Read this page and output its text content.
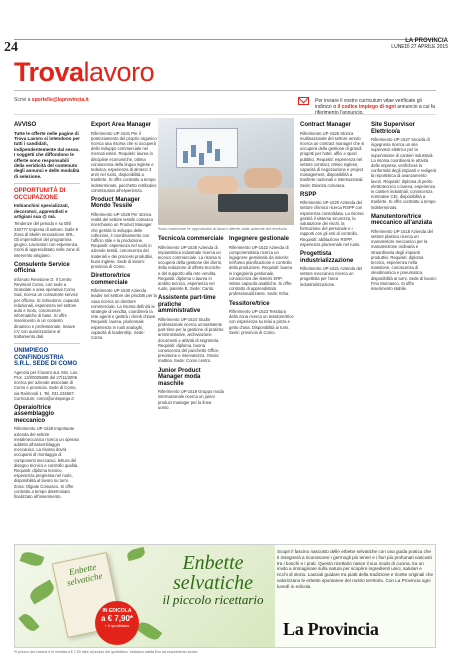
24	LA PROVINCIA
LUNEDÌ 27 APRILE 2015
Trovalavoro
Scrivi a sportello@laprovincia.it	Per inviare il vostro curriculum vitae verificate gli indirizzi o il codice impiego di ogni annuncio a cui fa riferimento l'annuncio.
AVVISO
Tutte le offerte nelle pagine di Trova Lavoro si intendono per tutti i candidati, indipendentemente dal sesso. I soggetti che diffondono le offerte sono responsabili della veridicità del contenuto degli annunci e delle modalità di selezione.
OPPORTUNITÀ DI OCCUPAZIONE
Imbianchini specializzati, decoratori, apprendisti e artigiani sua @ mà.
Tendenze del periodo e su Bhil 340777 Impresa di settore. Dalle 9 Zona di Skelin Innovazione SRL. Gli imprenditori del programma giugno. Lavoratori con esperienza. Corsi di apprendistato nelle zone di intervento artigiano.
Consulente Service officina
InfoAuto Revisione D. Il Centro Revisioni Como, con sede a Grandate e area operativa Como Sud, ricerca un consulente service per officina. Si richiedono: capacità relazionali, esperienza nel settore auto e moto, conoscenze informatiche di base. Si offre inserimento in un contesto dinamico e professionale. Inviare CV con autorizzazione al trattamento dati.
UNIMPIEGO CONFINDUSTRIA S.R.L. SEDE DI COMO
Agenzia per il lavoro aut. Min. Lav. Prot. 13/I/0025608 del 27/11/2006 ricerca per aziende associate di Como e provincia. Sede di Como, via Raimondi 1. Tel. 031.234567. Curriculum: como@unimpiego.it
Operaio/trice assemblaggio meccanico
Riferimento UP-1529 Importante azienda del settore metalmeccanico ricerca un operaio addetto all'assemblaggio meccanico. La risorsa dovrà occuparsi di montaggio di componenti meccanici, lettura del disegno tecnico e controllo qualità. Requisiti: diploma tecnico, esperienza pregressa nel ruolo, disponibilità al lavoro su turni. Zona: Olgiate Comasco. Si offre contratto a tempo determinato finalizzato all'inserimento.
Export Area Manager
Riferimento UP-1531 Per il potenziamento del proprio organico ricerca una risorsa che si occuperà dello sviluppo commerciale nei mercati esteri. Requisiti: laurea in discipline economiche, ottima conoscenza della lingua inglese e tedesca, esperienza di almeno 3 anni nel ruolo, disponibilità a trasferte. Si offre contratto a tempo indeterminato, pacchetto retributivo commisurato all'esperienza.
Product Manager Mondo Tessile
Riferimento UP-1528 Per storica realtà del settore tessile comasco ricerchiamo un Product Manager che gestirà lo sviluppo delle collezioni, il coordinamento con l'ufficio stile e la produzione. Requisiti: esperienza nel ruolo in aziende tessili, conoscenza dei materiali e dei processi produttivi, buon inglese. Sede di lavoro: provincia di Como.
Direttore/trice commerciale
Riferimento UP-1530 Azienda leader nel settore dei prodotti per la casa ricerca un direttore commerciale. La risorsa definirà le strategie di vendita, coordinerà la rete agenti e gestirà i clienti chiave. Requisiti: laurea, pluriennale esperienza in ruoli analoghi, capacità di leadership. Sede: Como.
Sono numerose le opportunità di lavoro offerte dalle aziende del territorio
Tecnico/a commerciale
Riferimento UP-1526 Azienda di impiantistica industriale ricerca un tecnico commerciale. La risorsa si occuperà della gestione dei clienti, della redazione di offerte tecniche e del supporto alla rete vendita. Requisiti: diploma o laurea in ambito tecnico, esperienza nel ruolo, patente B. Sede: Cantù.
Assistente part-time pratiche amministrative
Riferimento UP-1524 Studio professionale ricerca un'assistente part-time per la gestione di pratiche amministrative, archiviazione documenti e attività di segreteria. Requisiti: diploma, buona conoscenza del pacchetto Office, precisione e riservatezza. Orario: mattina. Sede: Como centro.
Junior Product Manager moda maschile
Riferimento UP-1519 Gruppo moda internazionale ricerca un junior product manager per la linea uomo.
Ingegnere gestionale
Riferimento UP-1522 Azienda di componentistica ricerca un ingegnere gestionale da inserire nell'area pianificazione e controllo della produzione. Requisiti: laurea in ingegneria gestionale, conoscenza dei sistemi ERP, ottime capacità analitiche. Si offre contratto di apprendistato professionalizzante. Sede: Erba.
Tessitore/trice
Riferimento UP-1523 Tessitura della zona ricerca un tessitore/trice con esperienza su telai a pinza e getto d'aria. Disponibilità ai turni. Sede: provincia di Como.
Contract Manager
Riferimento UP-1525 Storica multinazionale del settore arredo ricerca un contract manager che si occuperà della gestione di grandi progetti per hotel, uffici e spazi pubblici. Requisiti: esperienza nel settore contract, ottimo inglese, capacità di negoziazione e project management, disponibilità a trasferte nazionali e internazionali. Sede: Brianza comasca.
RSPP
Riferimento UP-1520 Azienda del settore chimico ricerca RSPP con esperienza consolidata. La risorsa gestirà il sistema sicurezza, la valutazione dei rischi, la formazione del personale e i rapporti con gli enti di controllo. Requisiti: abilitazione RSPP, esperienza pluriennale nel ruolo.
Progettista industrializzazione
Riferimento UP-1521 Azienda del settore meccanico ricerca un progettista per l'area industrializzazione.
Site Supervisor Elettrico/a
Riferimento UP-1527 Società di ingegneria ricerca un site supervisor elettrico per la supervisione di cantieri industriali. La risorsa coordinerà le attività delle imprese, verificherà la conformità degli impianti e redigerà la reportistica di avanzamento lavori. Requisiti: diploma di perito elettrotecnico o laurea, esperienza in cantieri industriali, conoscenza normative CEI, disponibilità a trasferte. Si offre contratto a tempo indeterminato.
Manutentore/trice meccanico all'anziata
Riferimento UP-1518 Azienda del settore plastico ricerca un manutentore meccanico per la manutenzione ordinaria e straordinaria degli impianti produttivi. Requisiti: diploma tecnico, esperienza nella mansione, conoscenza di oleodinamica e pneumatica, disponibilità ai turni. Sede di lavoro: Fino Mornasco. Si offre inserimento stabile.
Enbette selvatiche
IN EDICOLA
a € 7,90*
+ il quotidiano
Enbette
selvatiche
il piccolo ricettario
Scopri il fascino nascosto delle erbette selvatiche con una guida pratica che ti insegnerà a riconoscere i germogli più teneri e i fiori più profumati nascosti tra i boschi e i prati. Questo ricettario nasce il suo modo di cucina, tra un invito a immaginare sulla natura per scoprire ingredienti unici, salutari e ricchi di storia. Lasciati guidare tra piatti della tradizione e ricette originali che valorizzano le erbette spontanee del nostro territorio. Con La Provincia ogni lunedì in edicola.
La Provincia
*Il prezzo del volume è in vendita a € 7,90 oltre al prezzo del quotidiano. Iniziativa valida fino ad esaurimento scorte.
